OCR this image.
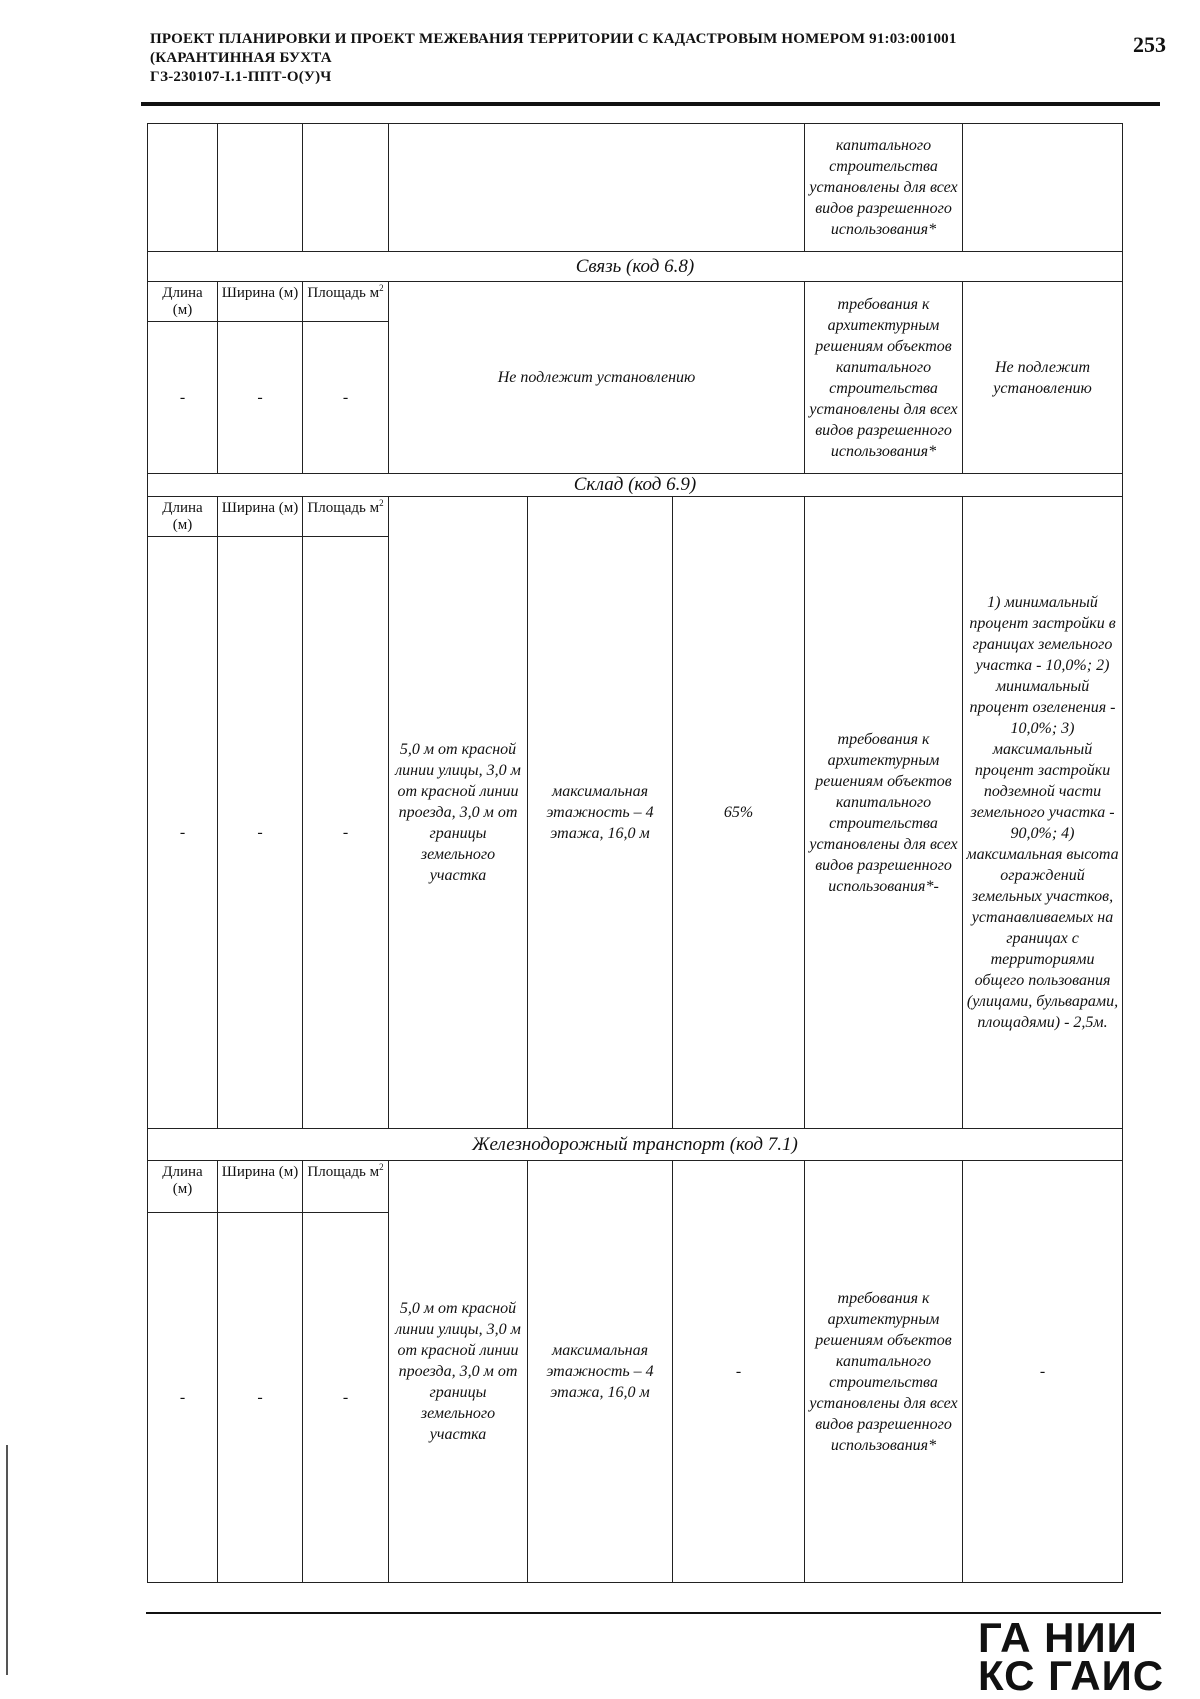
ПРОЕКТ ПЛАНИРОВКИ И ПРОЕКТ МЕЖЕВАНИЯ ТЕРРИТОРИИ С КАДАСТРОВЫМ НОМЕРОМ 91:03:001001
(КАРАНТИННАЯ БУХТА
ГЗ-230107-I.1-ППТ-О(У)Ч
253
						капитального строительства установлены для всех видов разрешенного использования*	
Связь (код 6.8)							
Длина (м)	Ширина (м)	Площадь $м^2$	Не подлежит установлению			требования к архитектурным решениям объектов капитального строительства установлены для всех видов разрешенного использования*	Не подлежит установлению
-	-	-					
Склад (код 6.9)							
Длина (м)	Ширина (м)	Площадь $м^2$	5,0 м от красной линии улицы, 3,0 м от красной линии проезда, 3,0 м от границы земельного участка	максимальная этажность – 4 этажа, 16,0 м	65%	требования к архитектурным решениям объектов капитального строительства установлены для всех видов разрешенного использования*-	1) минимальный процент застройки в границах земельного участка - 10,0%; 2) минимальный процент озеленения - 10,0%; 3) максимальный процент застройки подземной части земельного участка - 90,0%; 4) максимальная высота ограждений земельных участков, устанавливаемых на границах с территориями общего пользования (улицами, бульварами, площадями) - 2,5м.
-	-	-					
Железнодорожный транспорт (код 7.1)							
Длина (м)	Ширина (м)	Площадь $м^2$	5,0 м от красной линии улицы, 3,0 м от красной линии проезда, 3,0 м от границы земельного участка	максимальная этажность – 4 этажа, 16,0 м	-	требования к архитектурным решениям объектов капитального строительства установлены для всех видов разрешенного использования*	-
-	-	-					
ГА НИИ
КС ГАИС
